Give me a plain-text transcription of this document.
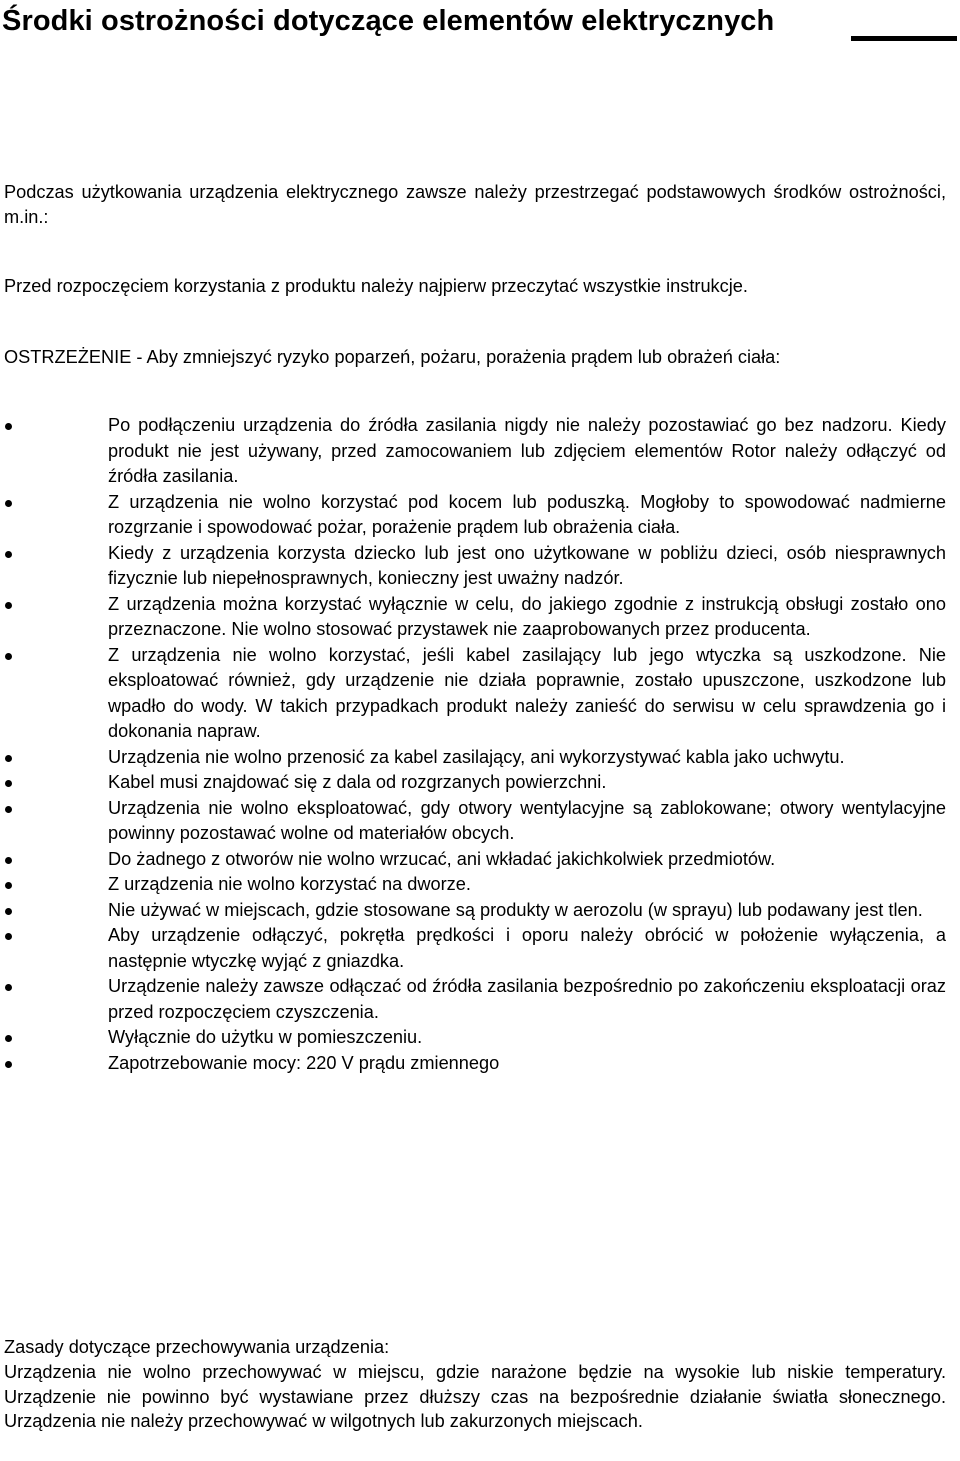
Środki ostrożności dotyczące elementów elektrycznych

Podczas użytkowania urządzenia elektrycznego zawsze należy przestrzegać podstawowych środków ostrożności, m.in.:

Przed rozpoczęciem korzystania z produktu należy najpierw przeczytać wszystkie instrukcje.

OSTRZEŻENIE - Aby zmniejszyć ryzyko poparzeń, pożaru, porażenia prądem lub obrażeń ciała:

Po podłączeniu urządzenia do źródła zasilania nigdy nie należy pozostawiać go bez nadzoru. Kiedy produkt nie jest używany, przed zamocowaniem lub zdjęciem elementów Rotor należy odłączyć od źródła zasilania.
Z urządzenia nie wolno korzystać pod kocem lub poduszką. Mogłoby to spowodować nadmierne rozgrzanie i spowodować pożar, porażenie prądem lub obrażenia ciała.
Kiedy z urządzenia korzysta dziecko lub jest ono użytkowane w pobliżu dzieci, osób niesprawnych fizycznie lub niepełnosprawnych, konieczny jest uważny nadzór.
Z urządzenia można korzystać wyłącznie w celu, do jakiego zgodnie z instrukcją obsługi zostało ono przeznaczone. Nie wolno stosować przystawek nie zaaprobowanych przez producenta.
Z urządzenia nie wolno korzystać, jeśli kabel zasilający lub jego wtyczka są uszkodzone. Nie eksploatować również, gdy urządzenie nie działa poprawnie, zostało upuszczone, uszkodzone lub wpadło do wody. W takich przypadkach produkt należy zanieść do serwisu w celu sprawdzenia go i dokonania napraw.
Urządzenia nie wolno przenosić za kabel zasilający, ani wykorzystywać kabla jako uchwytu.
Kabel musi znajdować się z dala od rozgrzanych powierzchni.
Urządzenia nie wolno eksploatować, gdy otwory wentylacyjne są zablokowane; otwory wentylacyjne powinny pozostawać wolne od materiałów obcych.
Do żadnego z otworów nie wolno wrzucać, ani wkładać jakichkolwiek przedmiotów.
Z urządzenia nie wolno korzystać na dworze.
Nie używać w miejscach, gdzie stosowane są produkty w aerozolu (w sprayu) lub podawany jest tlen.
Aby urządzenie odłączyć, pokrętła prędkości i oporu należy obrócić w położenie wyłączenia, a następnie wtyczkę wyjąć z gniazdka.
Urządzenie należy zawsze odłączać od źródła zasilania bezpośrednio po zakończeniu eksploatacji oraz przed rozpoczęciem czyszczenia.
Wyłącznie do użytku w pomieszczeniu.
Zapotrzebowanie mocy: 220 V prądu zmiennego

Zasady dotyczące przechowywania urządzenia:

Urządzenia nie wolno przechowywać w miejscu, gdzie narażone będzie na wysokie lub niskie temperatury. Urządzenie nie powinno być wystawiane przez dłuższy czas na bezpośrednie działanie światła słonecznego. Urządzenia nie należy przechowywać w wilgotnych lub zakurzonych miejscach.
